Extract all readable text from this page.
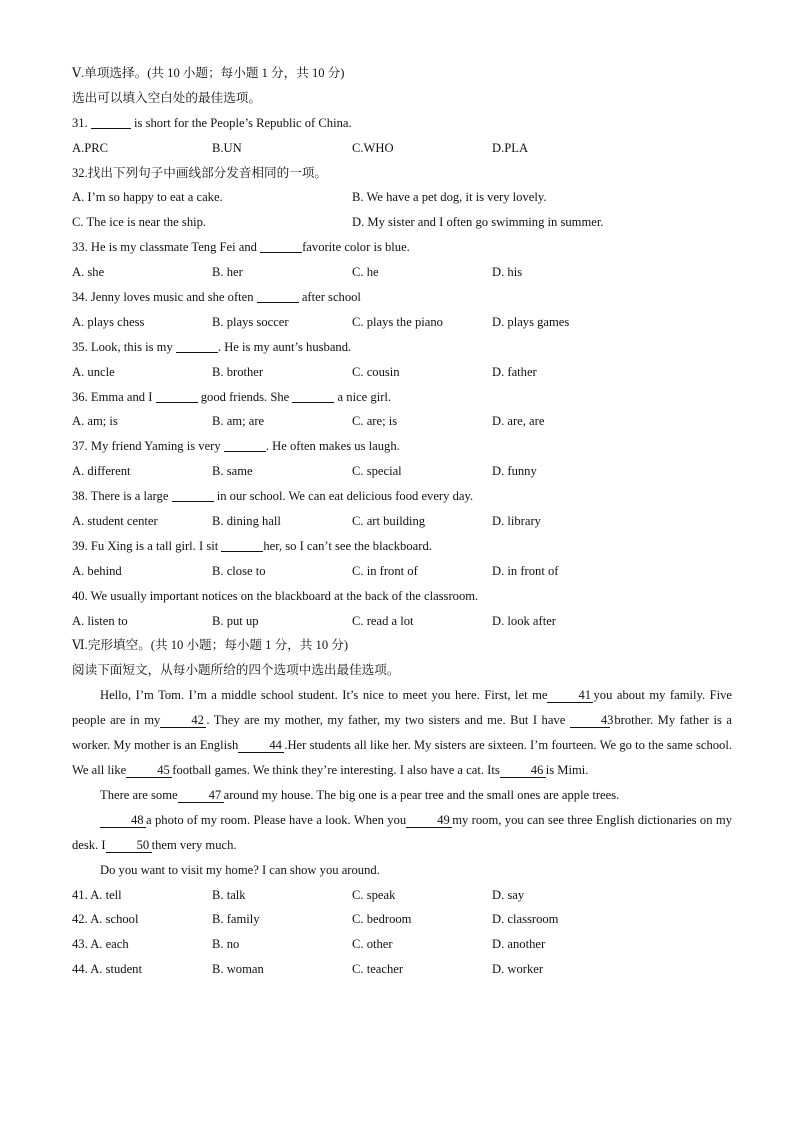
Ⅴ.单项选择。(共 10 小题；每小题 1 分，共 10 分)
选出可以填入空白处的最佳选项。
31.	is short for the People’s Republic of China.
A.PRC	B.UN	C.WHO	D.PLA
32.找出下列句子中画线部分发音相同的一项。
A. I’m so happy to eat a cake.	B. We have a pet dog, it is very lovely.
C. The ice is near the ship.	D. My sister and I often go swimming in summer.
33. He is my classmate Teng Fei and	favorite color is blue.
A. she	B. her	C. he	D. his
34. Jenny loves music and she often	after school
A. plays chess	B. plays soccer	C. plays the piano	D. plays games
35. Look, this is my	. He is my aunt’s husband.
A. uncle	B. brother	C. cousin	D. father
36. Emma and I	good friends. She	a nice girl.
A. am; is	B. am; are	C. are; is	D. are, are
37. My friend Yaming is very	. He often makes us laugh.
A. different	B. same	C. special	D. funny
38. There is a large	in our school. We can eat delicious food every day.
A. student center	B. dining hall	C. art building	D. library
39. Fu Xing is a tall girl. I sit	her, so I can’t see the blackboard.
A. behind	B. close to	C. in front of	D. in front of
40. We usually important notices on the blackboard at the back of the classroom.
A. listen to	B. put up	C. read a lot	D. look after
Ⅵ.完形填空。(共 10 小题；每小题 1 分，共 10 分)
阅读下面短文，从每小题所给的四个选项中选出最佳选项。
Hello, I’m Tom. I’m a middle school student. It’s nice to meet you here. First, let me 41 you about my family. Five people are in my 42 . They are my mother, my father, my two sisters and me. But I have 43 brother. My father is a worker. My mother is an English 44 .Her students all like her. My sisters are sixteen. I’m fourteen. We go to the same school. We all like 45 football games. We think they’re interesting. I also have a cat. Its 46 is Mimi.
There are some 47 around my house. The big one is a pear tree and the small ones are apple trees.
48 a photo of my room. Please have a look. When you 49 my room, you can see three English dictionaries on my desk. I 50 them very much.
Do you want to visit my home? I can show you around.
41. A. tell	B. talk	C. speak	D. say
42. A. school	B. family	C. bedroom	D. classroom
43. A. each	B. no	C. other	D. another
44. A. student	B. woman	C. teacher	D. worker
